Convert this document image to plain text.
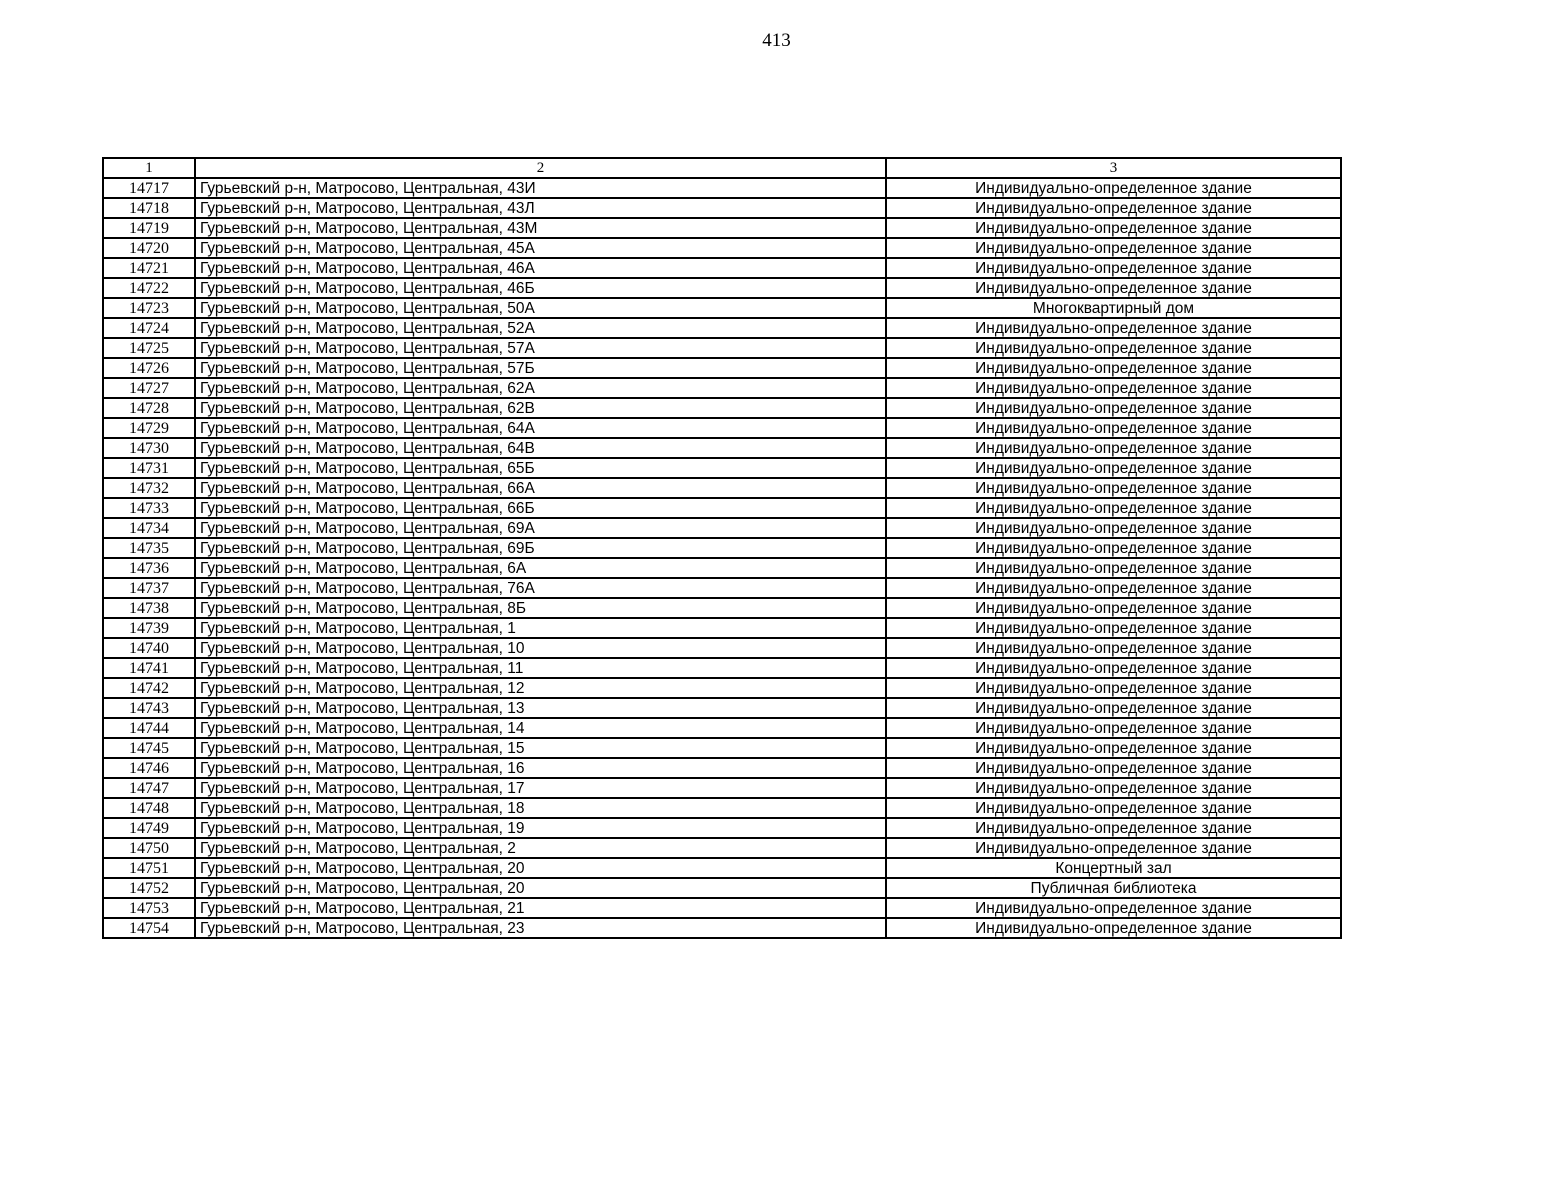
413
1	2	3
14717	Гурьевский р-н, Матросово, Центральная, 43И	Индивидуально-определенное здание
14718	Гурьевский р-н, Матросово, Центральная, 43Л	Индивидуально-определенное здание
14719	Гурьевский р-н, Матросово, Центральная, 43М	Индивидуально-определенное здание
14720	Гурьевский р-н, Матросово, Центральная, 45А	Индивидуально-определенное здание
14721	Гурьевский р-н, Матросово, Центральная, 46А	Индивидуально-определенное здание
14722	Гурьевский р-н, Матросово, Центральная, 46Б	Индивидуально-определенное здание
14723	Гурьевский р-н, Матросово, Центральная, 50А	Многоквартирный дом
14724	Гурьевский р-н, Матросово, Центральная, 52А	Индивидуально-определенное здание
14725	Гурьевский р-н, Матросово, Центральная, 57А	Индивидуально-определенное здание
14726	Гурьевский р-н, Матросово, Центральная, 57Б	Индивидуально-определенное здание
14727	Гурьевский р-н, Матросово, Центральная, 62А	Индивидуально-определенное здание
14728	Гурьевский р-н, Матросово, Центральная, 62В	Индивидуально-определенное здание
14729	Гурьевский р-н, Матросово, Центральная, 64А	Индивидуально-определенное здание
14730	Гурьевский р-н, Матросово, Центральная, 64В	Индивидуально-определенное здание
14731	Гурьевский р-н, Матросово, Центральная, 65Б	Индивидуально-определенное здание
14732	Гурьевский р-н, Матросово, Центральная, 66А	Индивидуально-определенное здание
14733	Гурьевский р-н, Матросово, Центральная, 66Б	Индивидуально-определенное здание
14734	Гурьевский р-н, Матросово, Центральная, 69А	Индивидуально-определенное здание
14735	Гурьевский р-н, Матросово, Центральная, 69Б	Индивидуально-определенное здание
14736	Гурьевский р-н, Матросово, Центральная, 6А	Индивидуально-определенное здание
14737	Гурьевский р-н, Матросово, Центральная, 76А	Индивидуально-определенное здание
14738	Гурьевский р-н, Матросово, Центральная, 8Б	Индивидуально-определенное здание
14739	Гурьевский р-н, Матросово, Центральная, 1	Индивидуально-определенное здание
14740	Гурьевский р-н, Матросово, Центральная, 10	Индивидуально-определенное здание
14741	Гурьевский р-н, Матросово, Центральная, 11	Индивидуально-определенное здание
14742	Гурьевский р-н, Матросово, Центральная, 12	Индивидуально-определенное здание
14743	Гурьевский р-н, Матросово, Центральная, 13	Индивидуально-определенное здание
14744	Гурьевский р-н, Матросово, Центральная, 14	Индивидуально-определенное здание
14745	Гурьевский р-н, Матросово, Центральная, 15	Индивидуально-определенное здание
14746	Гурьевский р-н, Матросово, Центральная, 16	Индивидуально-определенное здание
14747	Гурьевский р-н, Матросово, Центральная, 17	Индивидуально-определенное здание
14748	Гурьевский р-н, Матросово, Центральная, 18	Индивидуально-определенное здание
14749	Гурьевский р-н, Матросово, Центральная, 19	Индивидуально-определенное здание
14750	Гурьевский р-н, Матросово, Центральная, 2	Индивидуально-определенное здание
14751	Гурьевский р-н, Матросово, Центральная, 20	Концертный зал
14752	Гурьевский р-н, Матросово, Центральная, 20	Публичная библиотека
14753	Гурьевский р-н, Матросово, Центральная, 21	Индивидуально-определенное здание
14754	Гурьевский р-н, Матросово, Центральная, 23	Индивидуально-определенное здание
